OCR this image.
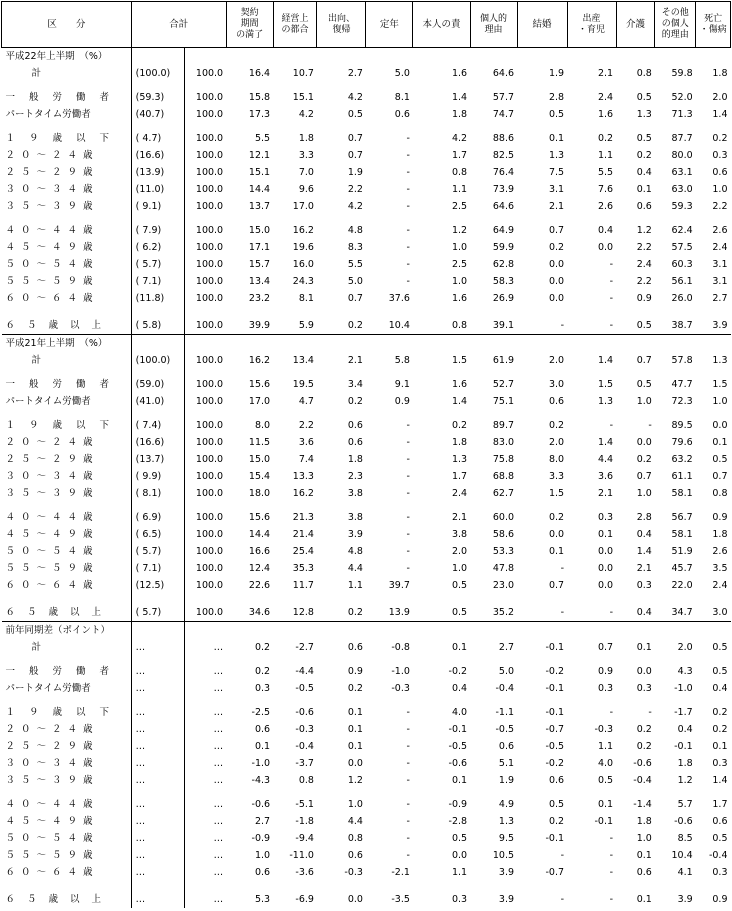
区　　分	合計		契約
期間
の満了	経営上
の都合	出向、
復帰	定年	本人の責	個人的
理由	結婚	出産
・育児	介護	その他
の個人
的理由	死亡
・傷病
平成22年上半期　（%）													
計	(100.0)	100.0	16.4	10.7	2.7	5.0	1.6	64.6	1.9	2.1	0.8	59.8	1.8

一般労働者	(59.3)	100.0	15.8	15.1	4.2	8.1	1.4	57.7	2.8	2.4	0.5	52.0	2.0
パートタイム労働者	(40.7)	100.0	17.3	4.2	0.5	0.6	1.8	74.7	0.5	1.6	1.3	71.3	1.4

１９歳以下	( 4.7)	100.0	5.5	1.8	0.7	-	4.2	88.6	0.1	0.2	0.5	87.7	0.2
２０～２４歳	(16.6)	100.0	12.1	3.3	0.7	-	1.7	82.5	1.3	1.1	0.2	80.0	0.3
２５～２９歳	(13.9)	100.0	15.1	7.0	1.9	-	0.8	76.4	7.5	5.5	0.4	63.1	0.6
３０～３４歳	(11.0)	100.0	14.4	9.6	2.2	-	1.1	73.9	3.1	7.6	0.1	63.0	1.0
３５～３９歳	( 9.1)	100.0	13.7	17.0	4.2	-	2.5	64.6	2.1	2.6	0.6	59.3	2.2

４０～４４歳	( 7.9)	100.0	15.0	16.2	4.8	-	1.2	64.9	0.7	0.4	1.2	62.4	2.6
４５～４９歳	( 6.2)	100.0	17.1	19.6	8.3	-	1.0	59.9	0.2	0.0	2.2	57.5	2.4
５０～５４歳	( 5.7)	100.0	15.7	16.0	5.5	-	2.5	62.8	0.0	-	2.4	60.3	3.1
５５～５９歳	( 7.1)	100.0	13.4	24.3	5.0	-	1.0	58.3	0.0	-	2.2	56.1	3.1
６０～６４歳	(11.8)	100.0	23.2	8.1	0.7	37.6	1.6	26.9	0.0	-	0.9	26.0	2.7

６５歳以上	( 5.8)	100.0	39.9	5.9	0.2	10.4	0.8	39.1	-	-	0.5	38.7	3.9
平成21年上半期　（%）													
計	(100.0)	100.0	16.2	13.4	2.1	5.8	1.5	61.9	2.0	1.4	0.7	57.8	1.3

一般労働者	(59.0)	100.0	15.6	19.5	3.4	9.1	1.6	52.7	3.0	1.5	0.5	47.7	1.5
パートタイム労働者	(41.0)	100.0	17.0	4.7	0.2	0.9	1.4	75.1	0.6	1.3	1.0	72.3	1.0

１９歳以下	( 7.4)	100.0	8.0	2.2	0.6	-	0.2	89.7	0.2	-	-	89.5	0.0
２０～２４歳	(16.6)	100.0	11.5	3.6	0.6	-	1.8	83.0	2.0	1.4	0.0	79.6	0.1
２５～２９歳	(13.7)	100.0	15.0	7.4	1.8	-	1.3	75.8	8.0	4.4	0.2	63.2	0.5
３０～３４歳	( 9.9)	100.0	15.4	13.3	2.3	-	1.7	68.8	3.3	3.6	0.7	61.1	0.7
３５～３９歳	( 8.1)	100.0	18.0	16.2	3.8	-	2.4	62.7	1.5	2.1	1.0	58.1	0.8

４０～４４歳	( 6.9)	100.0	15.6	21.3	3.8	-	2.1	60.0	0.2	0.3	2.8	56.7	0.9
４５～４９歳	( 6.5)	100.0	14.4	21.4	3.9	-	3.8	58.6	0.0	0.1	0.4	58.1	1.8
５０～５４歳	( 5.7)	100.0	16.6	25.4	4.8	-	2.0	53.3	0.1	0.0	1.4	51.9	2.6
５５～５９歳	( 7.1)	100.0	12.4	35.3	4.4	-	1.0	47.8	-	0.0	2.1	45.7	3.5
６０～６４歳	(12.5)	100.0	22.6	11.7	1.1	39.7	0.5	23.0	0.7	0.0	0.3	22.0	2.4

６５歳以上	( 5.7)	100.0	34.6	12.8	0.2	13.9	0.5	35.2	-	-	0.4	34.7	3.0
前年同期差（ポイント）													
計	…	…	0.2	-2.7	0.6	-0.8	0.1	2.7	-0.1	0.7	0.1	2.0	0.5

一般労働者	…	…	0.2	-4.4	0.9	-1.0	-0.2	5.0	-0.2	0.9	0.0	4.3	0.5
パートタイム労働者	…	…	0.3	-0.5	0.2	-0.3	0.4	-0.4	-0.1	0.3	0.3	-1.0	0.4

１９歳以下	…	…	-2.5	-0.6	0.1	-	4.0	-1.1	-0.1	-	-	-1.7	0.2
２０～２４歳	…	…	0.6	-0.3	0.1	-	-0.1	-0.5	-0.7	-0.3	0.2	0.4	0.2
２５～２９歳	…	…	0.1	-0.4	0.1	-	-0.5	0.6	-0.5	1.1	0.2	-0.1	0.1
３０～３４歳	…	…	-1.0	-3.7	0.0	-	-0.6	5.1	-0.2	4.0	-0.6	1.8	0.3
３５～３９歳	…	…	-4.3	0.8	1.2	-	0.1	1.9	0.6	0.5	-0.4	1.2	1.4

４０～４４歳	…	…	-0.6	-5.1	1.0	-	-0.9	4.9	0.5	0.1	-1.4	5.7	1.7
４５～４９歳	…	…	2.7	-1.8	4.4	-	-2.8	1.3	0.2	-0.1	1.8	-0.6	0.6
５０～５４歳	…	…	-0.9	-9.4	0.8	-	0.5	9.5	-0.1	-	1.0	8.5	0.5
５５～５９歳	…	…	1.0	-11.0	0.6	-	0.0	10.5	-	-	0.1	10.4	-0.4
６０～６４歳	…	…	0.6	-3.6	-0.3	-2.1	1.1	3.9	-0.7	-	0.6	4.1	0.3

６５歳以上	…	…	5.3	-6.9	0.0	-3.5	0.3	3.9	-	-	0.1	3.9	0.9
